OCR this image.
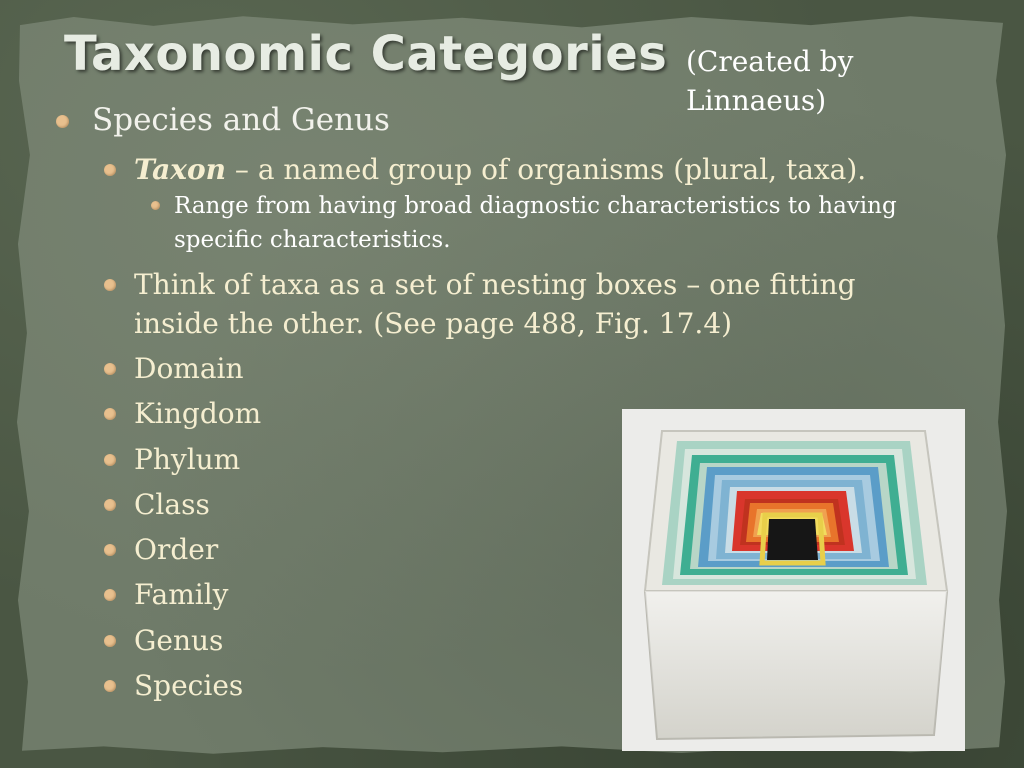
Taxonomic Categories (Created by Linnaeus)
Species and Genus
Taxon – a named group of organisms (plural, taxa).
Range from having broad diagnostic characteristics to having
specific characteristics.
Think of taxa as a set of nesting boxes – one fitting
inside the other. (See page 488, Fig. 17.4)
Domain
Kingdom
Phylum
Class
Order
Family
Genus
Species
